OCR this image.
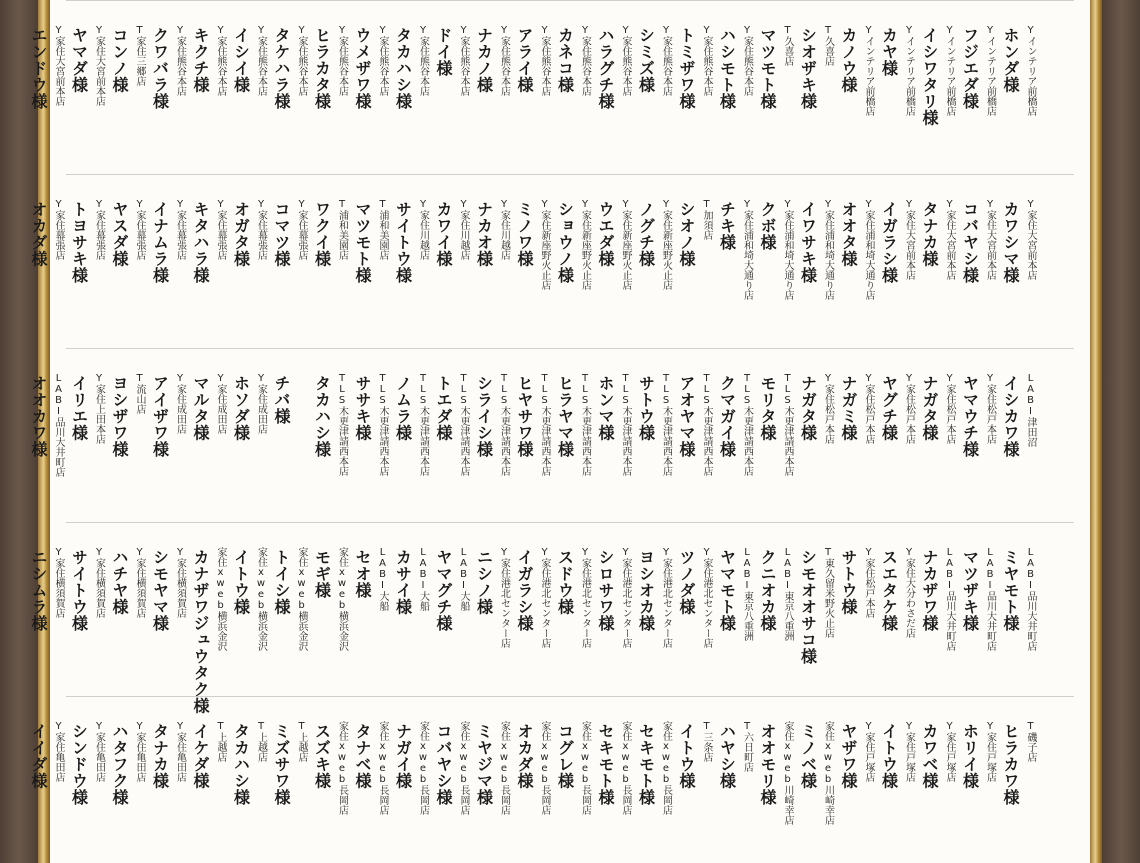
Yインテリア前橋店
ホンダ様
Yインテリア前橋店
フジエダ様
Yインテリア前橋店
イシワタリ様
Yインテリア前橋店
カヤ様
Yインテリア前橋店
カノウ様
T久喜店
シオザキ様
T久喜店
マツモト様
Y家住熊谷本店
ハシモト様
Y家住熊谷本店
トミザワ様
Y家住熊谷本店
シミズ様
Y家住熊谷本店
ハラグチ様
Y家住熊谷本店
カネコ様
Y家住熊谷本店
アライ様
Y家住熊谷本店
ナカノ様
Y家住熊谷本店
ドイ様
Y家住熊谷本店
タカハシ様
Y家住熊谷本店
ウメザワ様
Y家住熊谷本店
ヒラカタ様
Y家住熊谷本店
タケハラ様
Y家住熊谷本店
イシイ様
Y家住熊谷本店
キクチ様
Y家住熊谷本店
クワバラ様
T家住三郷店
コンノ様
Y家住大宮前本店
ヤマダ様
Y家住大宮前本店
エンドウ様
Y家住大宮前本店
カワシマ様
Y家住大宮前本店
コバヤシ様
Y家住大宮前本店
タナカ様
Y家住大宮前本店
イガラシ様
Y家住浦和埼大通り店
オオタ様
Y家住浦和埼大通り店
イワサキ様
Y家住浦和埼大通り店
クボ様
Y家住浦和埼大通り店
チキ様
T加須店
シオノ様
Y家住新座野火止店
ノグチ様
Y家住新座野火止店
ウエダ様
Y家住新座野火止店
ショウノ様
Y家住新座野火止店
ミノワ様
Y家住川越店
ナカオ様
Y家住川越店
カワイ様
Y家住川越店
サイトウ様
T浦和美園店
マツモト様
T浦和美園店
ワクイ様
Y家住幕張店
コマツ様
Y家住幕張店
オガタ様
Y家住幕張店
キタハラ様
Y家住幕張店
イナムラ様
Y家住幕張店
ヤスダ様
Y家住幕張店
トヨサキ様
Y家住幕張店
オカダ様
LABI津田沼
イシカワ様
Y家住松戸本店
ヤマウチ様
Y家住松戸本店
ナガタ様
Y家住松戸本店
ヤグチ様
Y家住松戸本店
ナガミ様
Y家住松戸本店
ナガタ様
TLS木更津請西本店
モリタ様
TLS木更津請西本店
クマガイ様
TLS木更津請西本店
アオヤマ様
TLS木更津請西本店
サトウ様
TLS木更津請西本店
ホンマ様
TLS木更津請西本店
ヒラヤマ様
TLS木更津請西本店
ヒヤサワ様
TLS木更津請西本店
シライシ様
TLS木更津請西本店
トエダ様
TLS木更津請西本店
ノムラ様
TLS木更津請西本店
ササキ様
TLS木更津請西本店
タカハシ様
チバ様
Y家住成田店
ホソダ様
Y家住成田店
マルタ様
Y家住成田店
アイザワ様
T流山店
ヨシザワ様
Y家住上田本店
イリエ様
LABI品川大井町店
オオカワ様
LABI品川大井町店
ミヤモト様
LABI品川大井町店
マツザキ様
LABI品川大井町店
ナカザワ様
Y家住大分わさだ店
スエタケ様
Y家住松戸本店
サトウ様
T東久留米野火止店
シモオオサコ様
LABI東京八重洲
クニオカ様
LABI東京八重洲
ヤマモト様
Y家住港北センター店
ツノダ様
Y家住港北センター店
ヨシオカ様
Y家住港北センター店
シロサワ様
Y家住港北センター店
スドウ様
Y家住港北センター店
イガラシ様
Y家住港北センター店
ニシノ様
LABI大船
ヤマグチ様
LABI大船
カサイ様
LABI大船
セオ様
家住xweb横浜金沢
モギ様
家住xweb横浜金沢
トイシ様
家住xweb横浜金沢
イトウ様
家住xweb横浜金沢
カナザワジュウタク様
Y家住横須賀店
シモヤマ様
Y家住横須賀店
ハチヤ様
Y家住横須賀店
サイトウ様
Y家住横須賀店
ニシムラ様
T磯子店
ヒラカワ様
Y家住戸塚店
ホリイ様
Y家住戸塚店
カワベ様
Y家住戸塚店
イトウ様
Y家住戸塚店
ヤザワ様
家住xweb川崎幸店
ミノベ様
家住xweb川崎幸店
オオモリ様
T六日町店
ハヤシ様
T三条店
イトウ様
家住xweb長岡店
セキモト様
家住xweb長岡店
セキモト様
家住xweb長岡店
コグレ様
家住xweb長岡店
オカダ様
家住xweb長岡店
ミヤジマ様
家住xweb長岡店
コバヤシ様
家住xweb長岡店
ナガイ様
家住xweb長岡店
タナベ様
家住xweb長岡店
スズキ様
T上越店
ミズサワ様
T上越店
タカハシ様
T上越店
イケダ様
Y家住亀田店
タナカ様
Y家住亀田店
ハタフク様
Y家住亀田店
シンドウ様
Y家住亀田店
イイダ様
